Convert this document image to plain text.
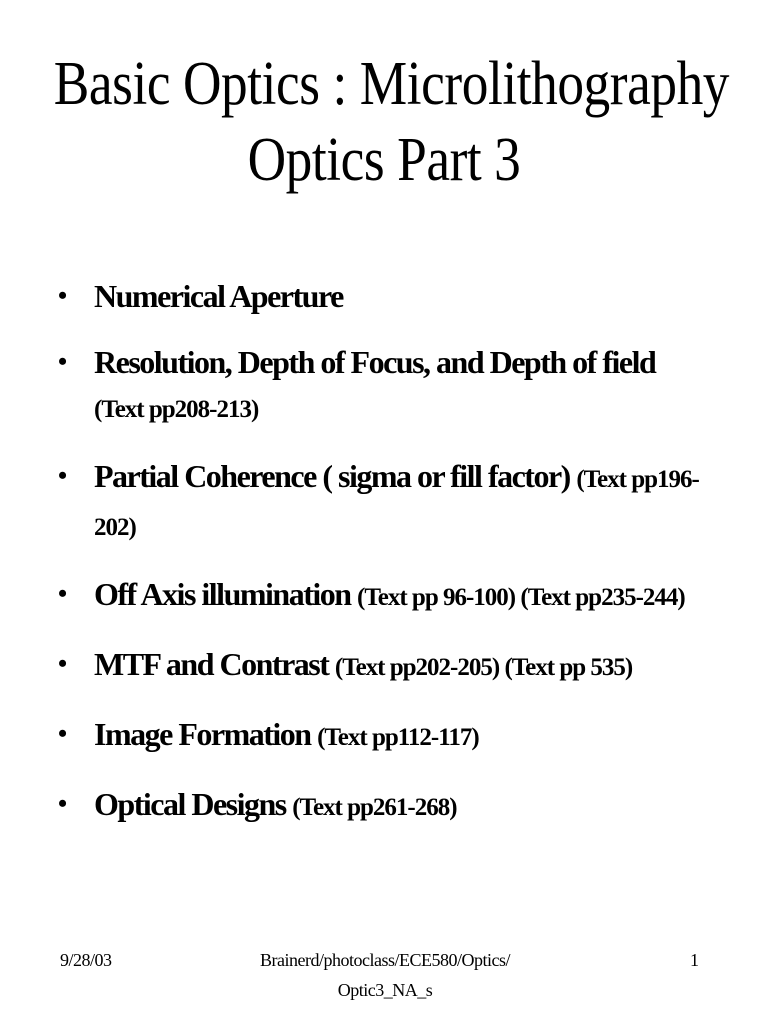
Basic Optics : Microlithography
Optics Part 3
• Numerical Aperture
• Resolution, Depth of Focus, and Depth of field (Text pp208-213)
• Partial Coherence ( sigma or fill factor) (Text pp196-202)
• Off Axis illumination (Text pp 96-100) (Text pp235-244)
• MTF and Contrast (Text pp202-205) (Text pp 535)
• Image Formation (Text pp112-117)
• Optical Designs (Text pp261-268)
9/28/03	Brainerd/photoclass/ECE580/Optics/
Optic3_NA_s
1
